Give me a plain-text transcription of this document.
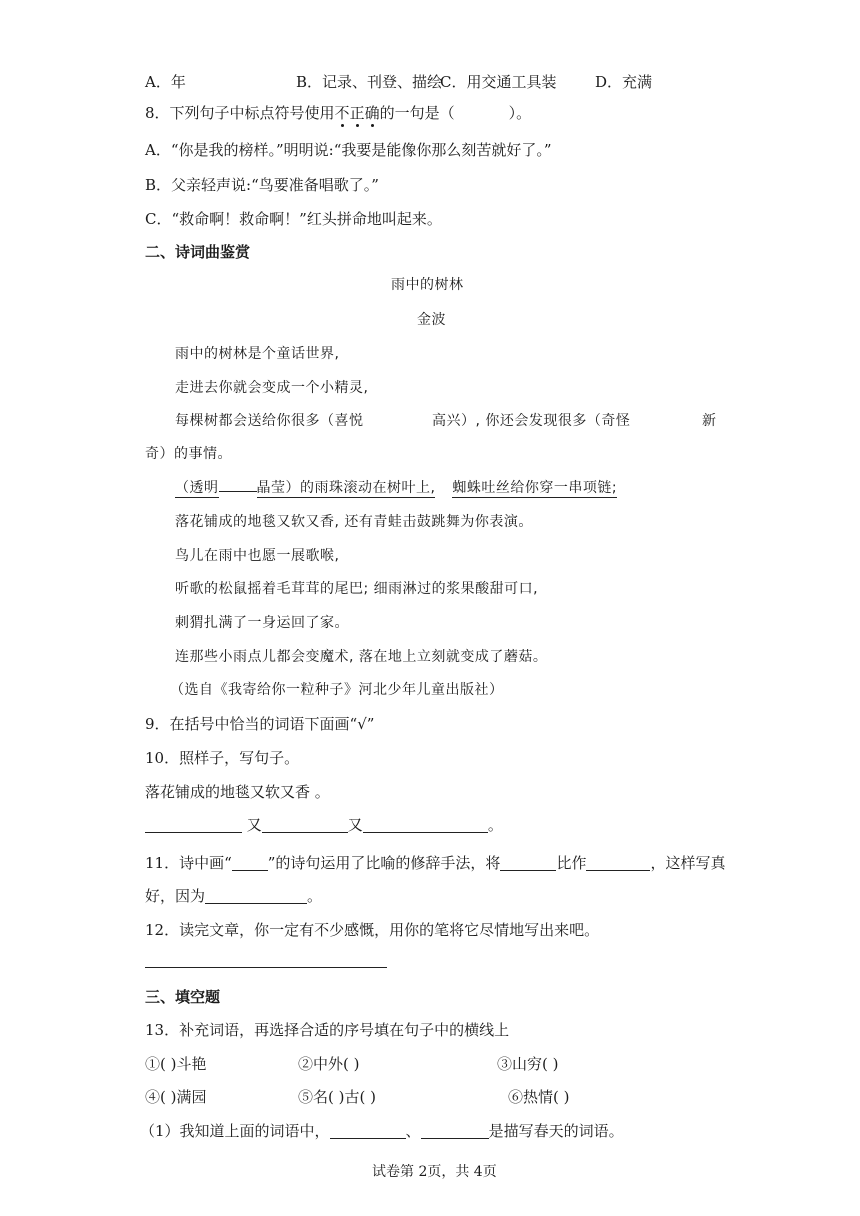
A．年	B．记录、刊登、描绘
C．用交通工具装	D．充满
8．下列句子中标点符号使用不正确的一句是（	）。
A．“你是我的榜样。”明明说:“我要是能像你那么刻苦就好了。”
B．父亲轻声说:“鸟要准备唱歌了。”
C．“救命啊！救命啊！”红头拼命地叫起来。
二、诗词曲鉴赏
雨中的树林
金波
雨中的树林是个童话世界,
走进去你就会变成一个小精灵,
每棵树都会送给你很多（喜悦	高兴）, 你还会发现很多（奇怪	新
奇）的事情。
（透明	晶莹）的雨珠滚动在树叶上, 蜘蛛吐丝给你穿一串项链;
落花铺成的地毯又软又香, 还有青蛙击鼓跳舞为你表演。
鸟儿在雨中也愿一展歌喉,
听歌的松鼠摇着毛茸茸的尾巴; 细雨淋过的浆果酸甜可口,
刺猬扎满了一身运回了家。
连那些小雨点儿都会变魔术, 落在地上立刻就变成了蘑菇。
（选自《我寄给你一粒种子》河北少年儿童出版社）
9．在括号中恰当的词语下面画“√”
10．照样子，写句子。
落花铺成的地毯又软又香 。
又	又	。
11．诗中画“ ”的诗句运用了比喻的修辞手法，将	比作	，这样写真
好，因为	。
12．读完文章，你一定有不少感慨，用你的笔将它尽情地写出来吧。
三、填空题
13．补充词语，再选择合适的序号填在句子中的横线上
①( )斗艳	②中外( )	③山穷( )
④( )满园	⑤名( )古( )	⑥热情( )
（1）我知道上面的词语中，	、	是描写春天的词语。
试卷第 2页，共 4页
